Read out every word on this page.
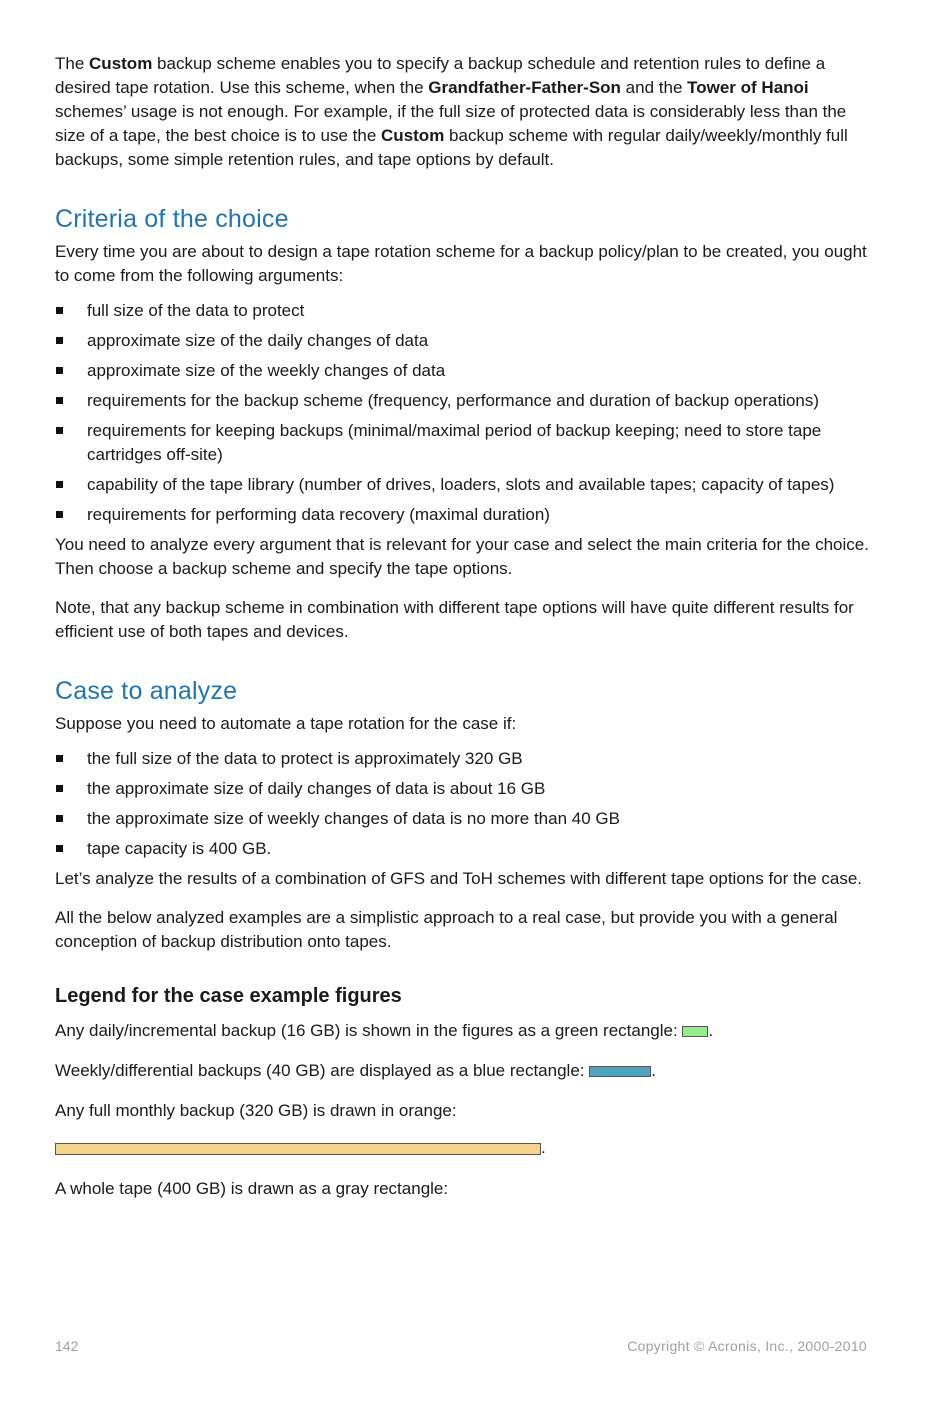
The Custom backup scheme enables you to specify a backup schedule and retention rules to define a desired tape rotation. Use this scheme, when the Grandfather-Father-Son and the Tower of Hanoi schemes’ usage is not enough. For example, if the full size of protected data is considerably less than the size of a tape, the best choice is to use the Custom backup scheme with regular daily/weekly/monthly full backups, some simple retention rules, and tape options by default.

Criteria of the choice

Every time you are about to design a tape rotation scheme for a backup policy/plan to be created, you ought to come from the following arguments:

full size of the data to protect
approximate size of the daily changes of data
approximate size of the weekly changes of data
requirements for the backup scheme (frequency, performance and duration of backup operations)
requirements for keeping backups (minimal/maximal period of backup keeping; need to store tape cartridges off-site)
capability of the tape library (number of drives, loaders, slots and available tapes; capacity of tapes)
requirements for performing data recovery (maximal duration)

You need to analyze every argument that is relevant for your case and select the main criteria for the choice. Then choose a backup scheme and specify the tape options.

Note, that any backup scheme in combination with different tape options will have quite different results for efficient use of both tapes and devices.

Case to analyze

Suppose you need to automate a tape rotation for the case if:

the full size of the data to protect is approximately 320 GB
the approximate size of daily changes of data is about 16 GB
the approximate size of weekly changes of data is no more than 40 GB
tape capacity is 400 GB.

Let’s analyze the results of a combination of GFS and ToH schemes with different tape options for the case.

All the below analyzed examples are a simplistic approach to a real case, but provide you with a general conception of backup distribution onto tapes.

Legend for the case example figures

Any daily/incremental backup (16 GB) is shown in the figures as a green rectangle: .

Weekly/differential backups (40 GB) are displayed as a blue rectangle:	.

Any full monthly backup (320 GB) is drawn in orange:

.

A whole tape (400 GB) is drawn as a gray rectangle:

142	Copyright © Acronis, Inc., 2000-2010
